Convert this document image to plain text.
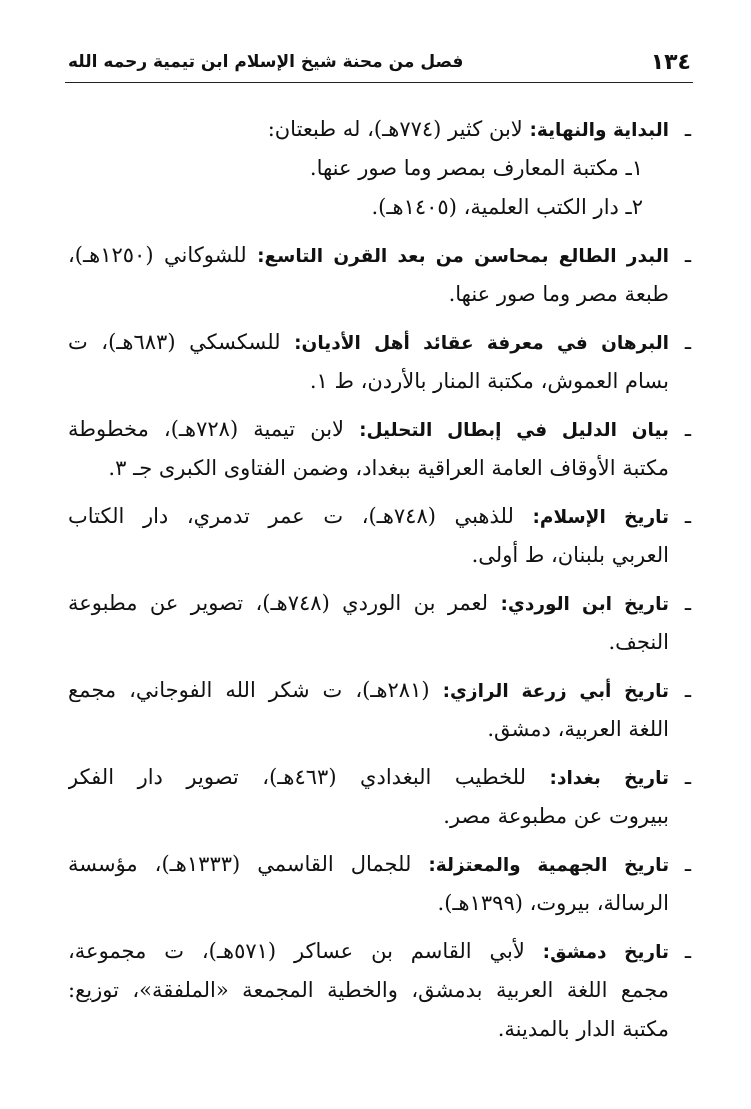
١٣٤
فصل من محنة شيخ الإسلام ابن تيمية رحمه الله
ـ
البداية والنهاية: لابن كثير (٧٧٤هـ)، له طبعتان:
١ـ مكتبة المعارف بمصر وما صور عنها.
٢ـ دار الكتب العلمية، (١٤٠٥هـ).
ـ
البدر الطالع بمحاسن من بعد القرن التاسع: للشوكاني (١٢٥٠هـ)،
طبعة مصر وما صور عنها.
ـ
البرهان في معرفة عقائد أهل الأديان: للسكسكي (٦٨٣هـ)، ت
بسام العموش، مكتبة المنار بالأردن، ط ١.
ـ
بيان الدليل في إبطال التحليل: لابن تيمية (٧٢٨هـ)، مخطوطة
مكتبة الأوقاف العامة العراقية ببغداد، وضمن الفتاوى الكبرى جـ ٣.
ـ
تاريخ الإسلام: للذهبي (٧٤٨هـ)، ت عمر تدمري، دار الكتاب
العربي بلبنان، ط أولى.
ـ
تاريخ ابن الوردي: لعمر بن الوردي (٧٤٨هـ)، تصوير عن مطبوعة
النجف.
ـ
تاريخ أبي زرعة الرازي: (٢٨١هـ)، ت شكر الله الفوجاني، مجمع
اللغة العربية، دمشق.
ـ
تاريخ بغداد: للخطيب البغدادي (٤٦٣هـ)، تصوير دار الفكر
ببيروت عن مطبوعة مصر.
ـ
تاريخ الجهمية والمعتزلة: للجمال القاسمي (١٣٣٣هـ)، مؤسسة
الرسالة، بيروت، (١٣٩٩هـ).
ـ
تاريخ دمشق: لأبي القاسم بن عساكر (٥٧١هـ)، ت مجموعة،
مجمع اللغة العربية بدمشق، والخطية المجمعة «الملفقة»، توزيع:
مكتبة الدار بالمدينة.
